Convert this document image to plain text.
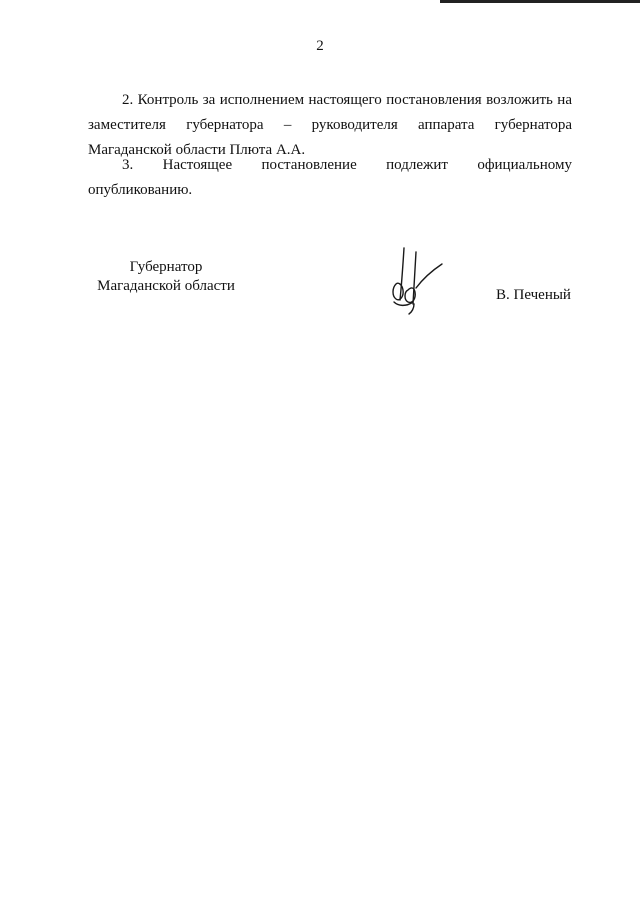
2

2. Контроль за исполнением настоящего постановления возложить на заместителя губернатора – руководителя аппарата губернатора Магаданской области Плюта А.А.

3. Настоящее постановление подлежит официальному
опубликованию.
Губернатор
Магаданской области
В. Печеный
